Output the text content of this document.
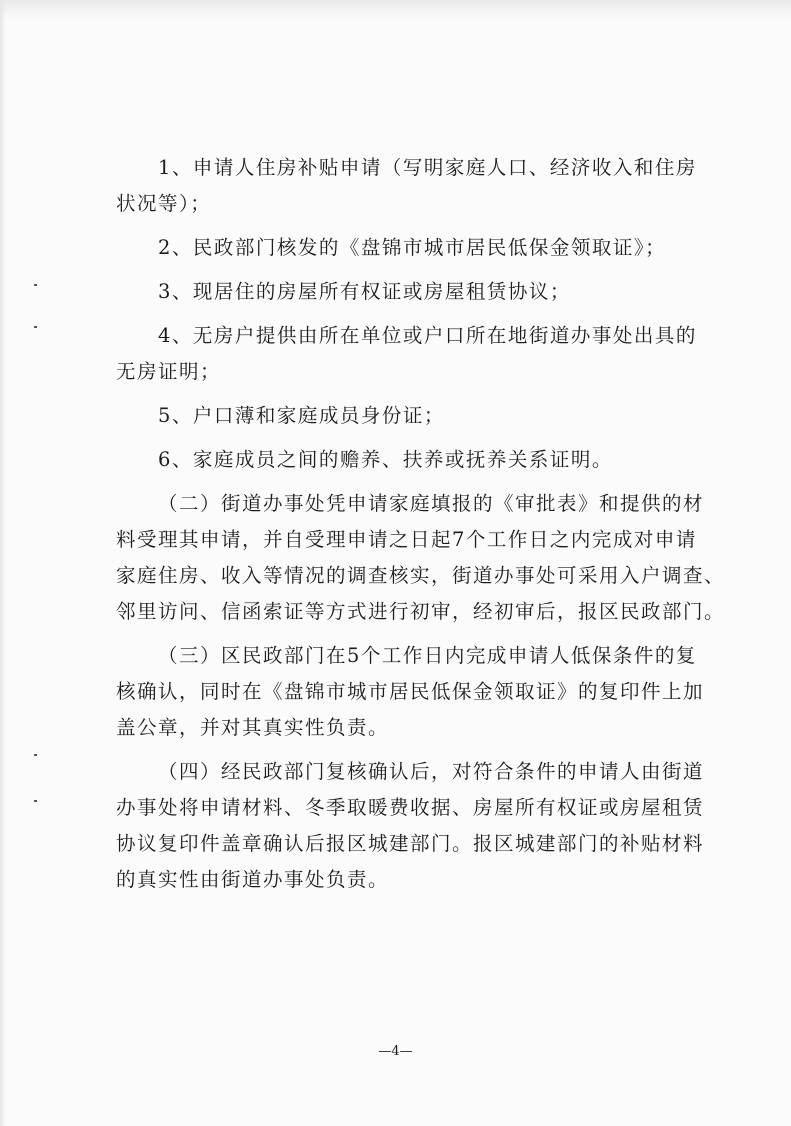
1、申请人住房补贴申请（写明家庭人口、经济收入和住房
状况等）；
2、民政部门核发的《盘锦市城市居民低保金领取证》；
3、现居住的房屋所有权证或房屋租赁协议；
4、无房户提供由所在单位或户口所在地街道办事处出具的
无房证明；
5、户口薄和家庭成员身份证；
6、家庭成员之间的赡养、扶养或抚养关系证明。
（二）街道办事处凭申请家庭填报的《审批表》和提供的材
料受理其申请，并自受理申请之日起7个工作日之内完成对申请
家庭住房、收入等情况的调查核实，街道办事处可采用入户调查、
邻里访问、信函索证等方式进行初审，经初审后，报区民政部门。
（三）区民政部门在5个工作日内完成申请人低保条件的复
核确认，同时在《盘锦市城市居民低保金领取证》的复印件上加
盖公章，并对其真实性负责。
（四）经民政部门复核确认后，对符合条件的申请人由街道
办事处将申请材料、冬季取暖费收据、房屋所有权证或房屋租赁
协议复印件盖章确认后报区城建部门。报区城建部门的补贴材料
的真实性由街道办事处负责。
—4—
